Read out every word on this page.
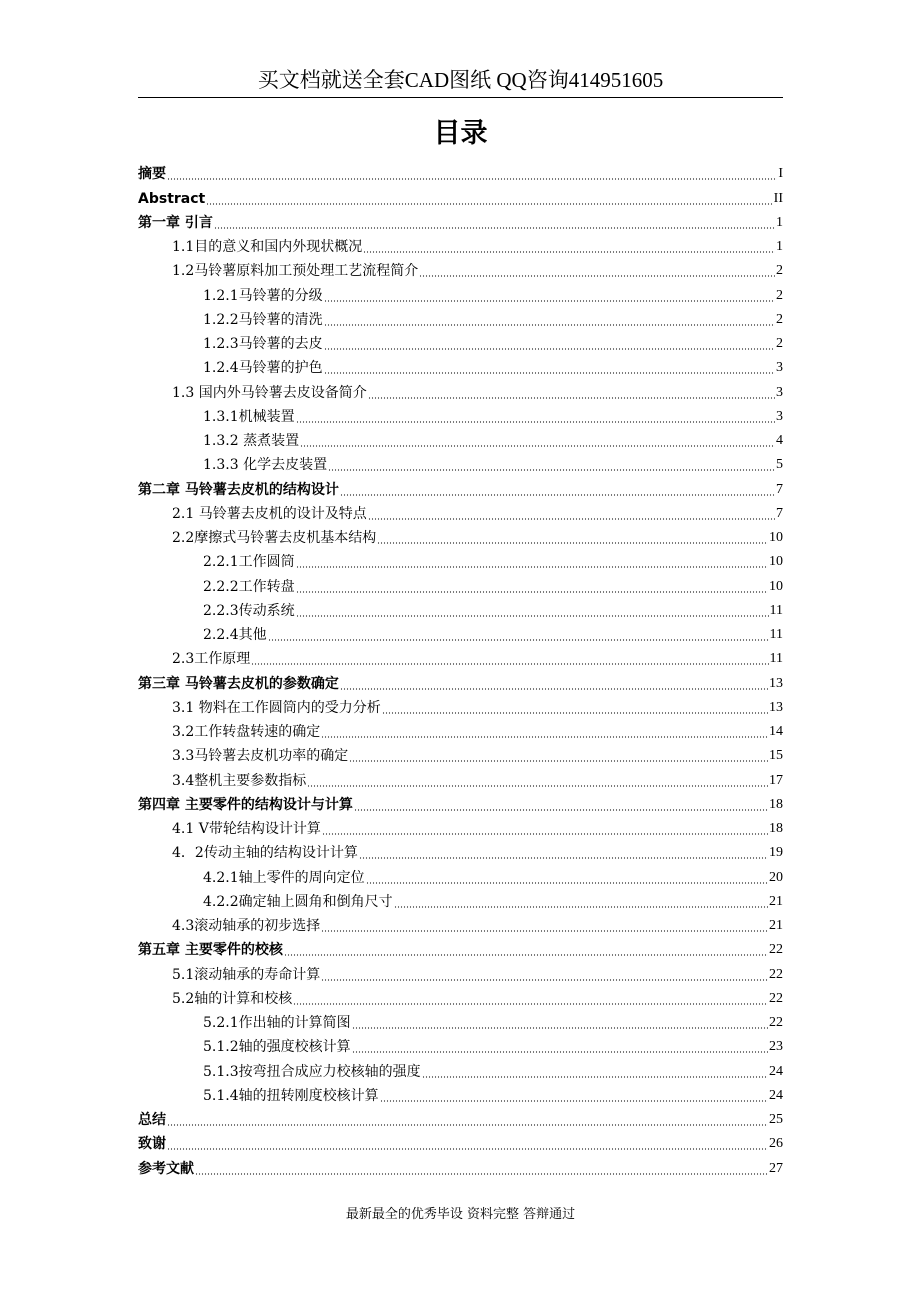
买文档就送全套CAD图纸 QQ咨询414951605
目录
摘要	I
Abstract	II
第一章 引言	1
1.1目的意义和国内外现状概况	1
1.2马铃薯原料加工预处理工艺流程简介	2
1.2.1马铃薯的分级	2
1.2.2马铃薯的清洗	2
1.2.3马铃薯的去皮	2
1.2.4马铃薯的护色	3
1.3 国内外马铃薯去皮设备简介	3
1.3.1机械装置	3
1.3.2 蒸煮装置	4
1.3.3 化学去皮装置	5
第二章 马铃薯去皮机的结构设计	7
2.1 马铃薯去皮机的设计及特点	7
2.2摩擦式马铃薯去皮机基本结构	10
2.2.1工作圆筒	10
2.2.2工作转盘	10
2.2.3传动系统	11
2.2.4其他	11
2.3工作原理	11
第三章 马铃薯去皮机的参数确定	13
3.1 物料在工作圆筒内的受力分析	13
3.2工作转盘转速的确定	14
3.3马铃薯去皮机功率的确定	15
3.4整机主要参数指标	17
第四章 主要零件的结构设计与计算	18
4.1 V带轮结构设计计算	18
4．2传动主轴的结构设计计算	19
4.2.1轴上零件的周向定位	20
4.2.2确定轴上圆角和倒角尺寸	21
4.3滚动轴承的初步选择	21
第五章 主要零件的校核	22
5.1滚动轴承的寿命计算	22
5.2轴的计算和校核	22
5.2.1作出轴的计算简图	22
5.1.2轴的强度校核计算	23
5.1.3按弯扭合成应力校核轴的强度	24
5.1.4轴的扭转刚度校核计算	24
总结	25
致谢	26
参考文献	27
最新最全的优秀毕设 资料完整 答辩通过
